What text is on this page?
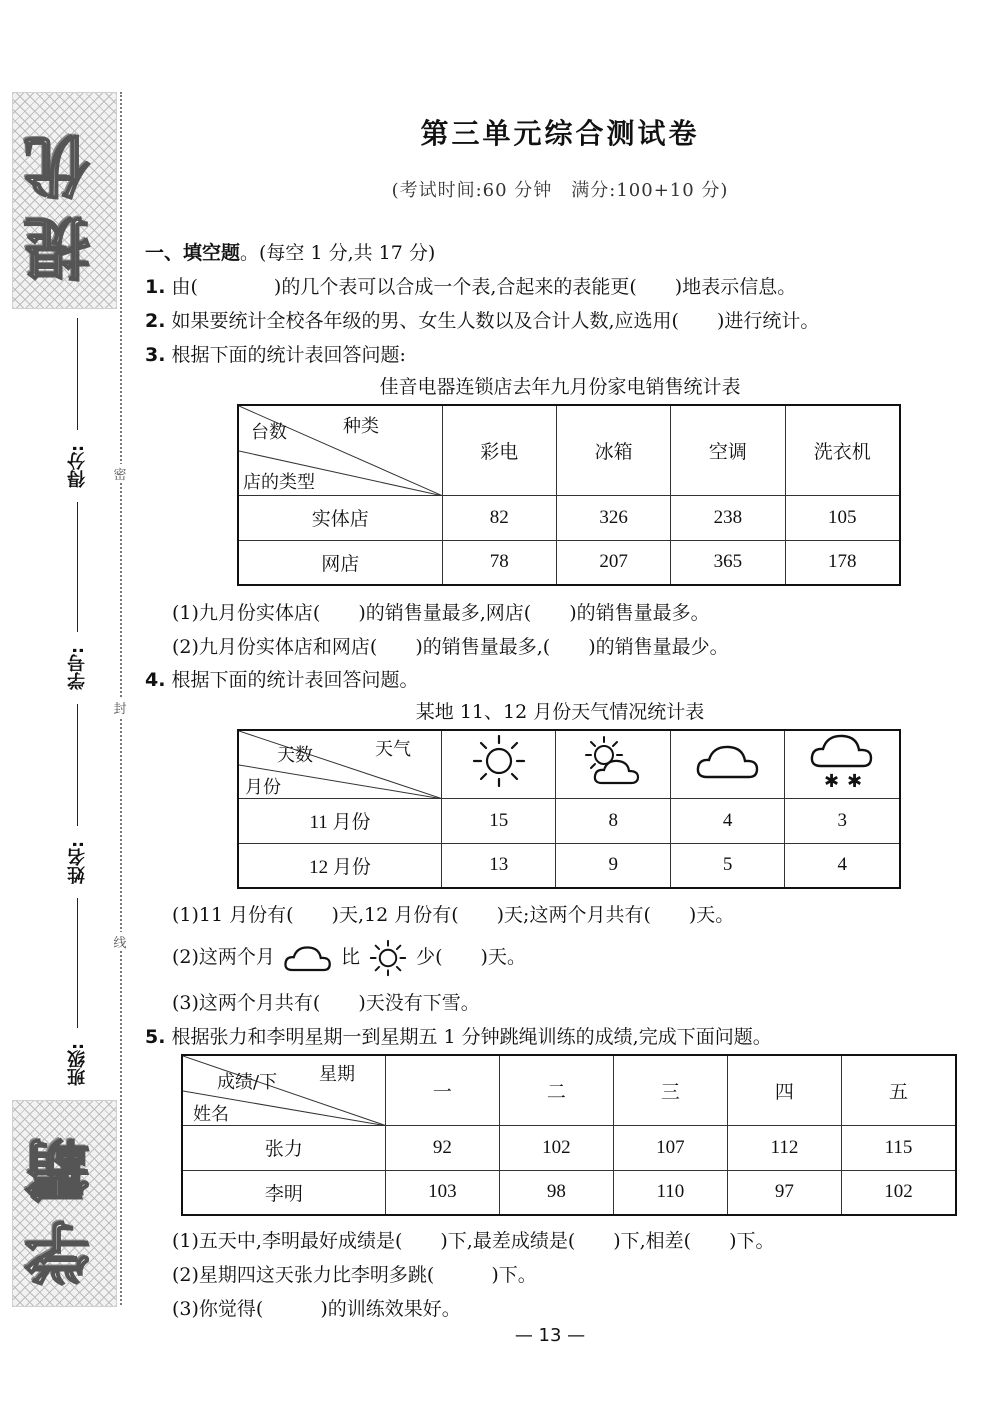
提优
学霸
得分:
学号:
姓名:
班级:
密
封
线
第三单元综合测试卷
(考试时间:60 分钟　满分:100+10 分)
一、填空题。(每空 1 分,共 17 分)
1. 由(　　　　)的几个表可以合成一个表,合起来的表能更(　　)地表示信息。
2. 如果要统计全校各年级的男、女生人数以及合计人数,应选用(　　)进行统计。
3. 根据下面的统计表回答问题:
佳音电器连锁店去年九月份家电销售统计表
种类
台数
店的类型	彩电	冰箱	空调	洗衣机
实体店	82	326	238	105
网店	78	207	365	178
(1)九月份实体店(　　)的销售量最多,网店(　　)的销售量最多。
(2)九月份实体店和网店(　　)的销售量最多,(　　)的销售量最少。
4. 根据下面的统计表回答问题。
某地 11、12 月份天气情况统计表
天气
天数
月份				✱ ✱

11 月份	15	8	4	3
12 月份	13	9	5	4
(1)11 月份有(　　)天,12 月份有(　　)天;这两个月共有(　　)天。
(2)这两个月	比	少(　　)天。
(3)这两个月共有(　　)天没有下雪。
5. 根据张力和李明星期一到星期五 1 分钟跳绳训练的成绩,完成下面问题。
星期
成绩/下
姓名	一	二	三	四	五
张力	92	102	107	112	115
李明	103	98	110	97	102
(1)五天中,李明最好成绩是(　　)下,最差成绩是(　　)下,相差(　　)下。
(2)星期四这天张力比李明多跳(　　　)下。
(3)你觉得(　　　)的训练效果好。
— 13 —
